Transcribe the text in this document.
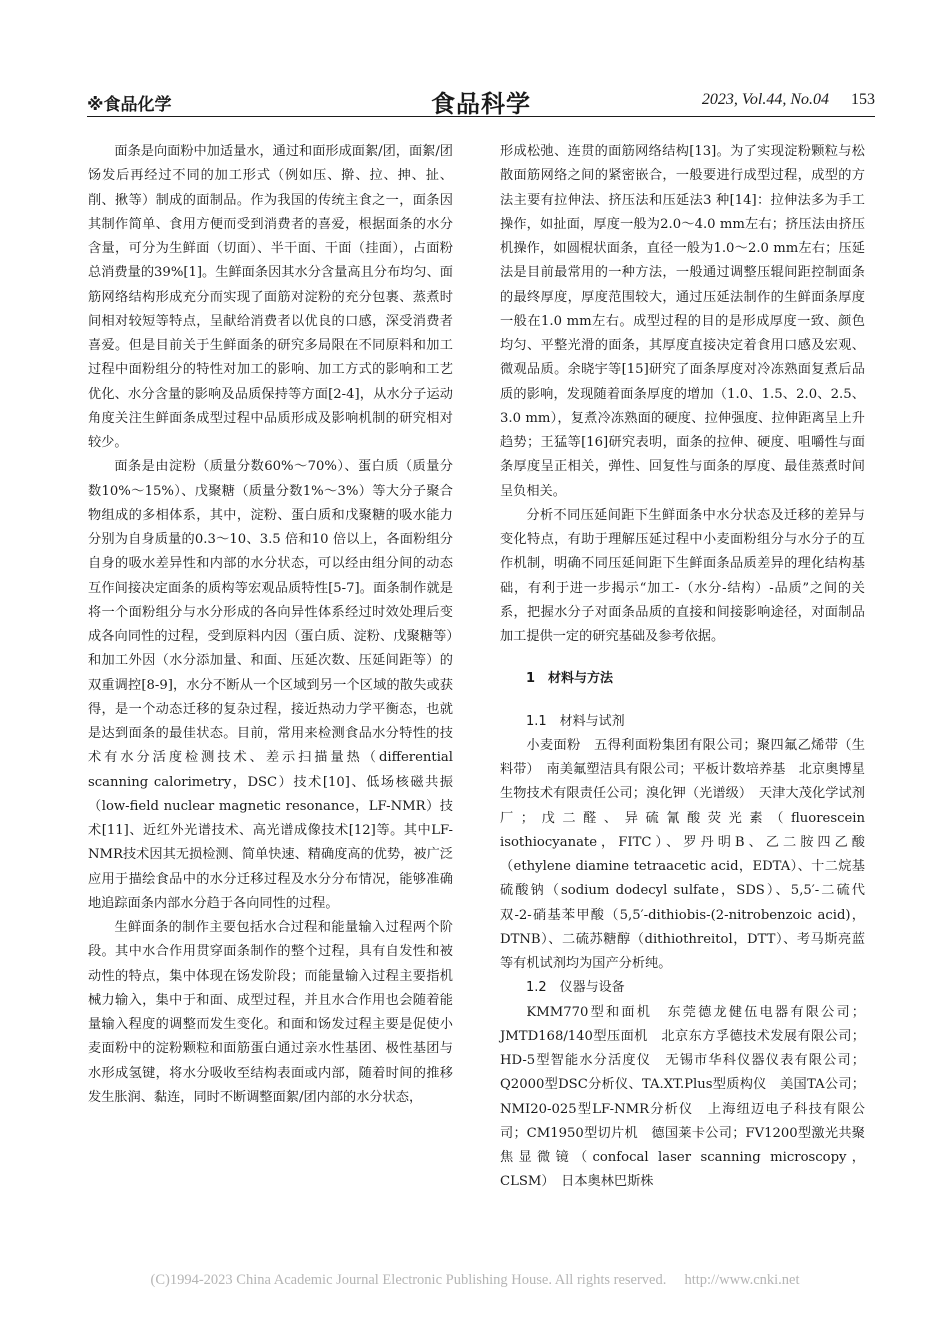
※食品化学	食品科学	2023, Vol.44, No.04 153

面条是向面粉中加适量水，通过和面形成面絮/团，面絮/团饧发后再经过不同的加工形式（例如压、擀、拉、抻、扯、削、揪等）制成的面制品。作为我国的传统主食之一，面条因其制作简单、食用方便而受到消费者的喜爱，根据面条的水分含量，可分为生鲜面（切面）、半干面、干面（挂面），占面粉总消费量的39%[1]。生鲜面条因其水分含量高且分布均匀、面筋网络结构形成充分而实现了面筋对淀粉的充分包裹、蒸煮时间相对较短等特点，呈献给消费者以优良的口感，深受消费者喜爱。但是目前关于生鲜面条的研究多局限在不同原料和加工过程中面粉组分的特性对加工的影响、加工方式的影响和工艺优化、水分含量的影响及品质保持等方面[2-4]，从水分子运动角度关注生鲜面条成型过程中品质形成及影响机制的研究相对较少。

面条是由淀粉（质量分数60%～70%）、蛋白质（质量分数10%～15%）、戊聚糖（质量分数1%～3%）等大分子聚合物组成的多相体系，其中，淀粉、蛋白质和戊聚糖的吸水能力分别为自身质量的0.3～10、3.5 倍和10 倍以上，各面粉组分自身的吸水差异性和内部的水分状态，可以经由组分间的动态互作间接决定面条的质构等宏观品质特性[5-7]。面条制作就是将一个面粉组分与水分形成的各向异性体系经过时效处理后变成各向同性的过程，受到原料内因（蛋白质、淀粉、戊聚糖等）和加工外因（水分添加量、和面、压延次数、压延间距等）的双重调控[8-9]，水分不断从一个区域到另一个区域的散失或获得，是一个动态迁移的复杂过程，接近热动力学平衡态，也就是达到面条的最佳状态。目前，常用来检测食品水分特性的技术有水分活度检测技术、差示扫描量热（differential scanning calorimetry，DSC）技术[10]、低场核磁共振（low-field nuclear magnetic resonance，LF-NMR）技术[11]、近红外光谱技术、高光谱成像技术[12]等。其中LF-NMR技术因其无损检测、简单快速、精确度高的优势，被广泛应用于描绘食品中的水分迁移过程及水分分布情况，能够准确地追踪面条内部水分趋于各向同性的过程。

生鲜面条的制作主要包括水合过程和能量输入过程两个阶段。其中水合作用贯穿面条制作的整个过程，具有自发性和被动性的特点，集中体现在饧发阶段；而能量输入过程主要指机械力输入，集中于和面、成型过程，并且水合作用也会随着能量输入程度的调整而发生变化。和面和饧发过程主要是促使小麦面粉中的淀粉颗粒和面筋蛋白通过亲水性基团、极性基团与水形成氢键，将水分吸收至结构表面或内部，随着时间的推移发生胀润、黏连，同时不断调整面絮/团内部的水分状态，

形成松弛、连贯的面筋网络结构[13]。为了实现淀粉颗粒与松散面筋网络之间的紧密嵌合，一般要进行成型过程，成型的方法主要有拉伸法、挤压法和压延法3 种[14]：拉伸法多为手工操作，如扯面，厚度一般为2.0～4.0 mm左右；挤压法由挤压机操作，如圆棍状面条，直径一般为1.0～2.0 mm左右；压延法是目前最常用的一种方法，一般通过调整压辊间距控制面条的最终厚度，厚度范围较大，通过压延法制作的生鲜面条厚度一般在1.0 mm左右。成型过程的目的是形成厚度一致、颜色均匀、平整光滑的面条，其厚度直接决定着食用口感及宏观、微观品质。余晓宇等[15]研究了面条厚度对冷冻熟面复煮后品质的影响，发现随着面条厚度的增加（1.0、1.5、2.0、2.5、3.0 mm），复煮冷冻熟面的硬度、拉伸强度、拉伸距离呈上升趋势；王猛等[16]研究表明，面条的拉伸、硬度、咀嚼性与面条厚度呈正相关，弹性、回复性与面条的厚度、最佳蒸煮时间呈负相关。

分析不同压延间距下生鲜面条中水分状态及迁移的差异与变化特点，有助于理解压延过程中小麦面粉组分与水分子的互作机制，明确不同压延间距下生鲜面条品质差异的理化结构基础，有利于进一步揭示“加工-（水分-结构）-品质”之间的关系，把握水分子对面条品质的直接和间接影响途径，对面制品加工提供一定的研究基础及参考依据。

1　材料与方法

1.1　材料与试剂

小麦面粉　五得利面粉集团有限公司；聚四氟乙烯带（生料带）　南美氟塑洁具有限公司；平板计数培养基　北京奥博星生物技术有限责任公司；溴化钾（光谱级）　天津大茂化学试剂厂；戊二醛、异硫氰酸荧光素（fluorescein isothiocyanate，FITC）、罗丹明B、乙二胺四乙酸（ethylene diamine tetraacetic acid，EDTA）、十二烷基硫酸钠（sodium dodecyl sulfate，SDS）、5,5′-二硫代双-2-硝基苯甲酸（5,5′-dithiobis-(2-nitrobenzoic acid)，DTNB）、二硫苏糖醇（dithiothreitol，DTT）、考马斯亮蓝等有机试剂均为国产分析纯。

1.2　仪器与设备

KMM770型和面机　东莞德龙健伍电器有限公司；JMTD168/140型压面机　北京东方孚德技术发展有限公司；HD-5型智能水分活度仪　无锡市华科仪器仪表有限公司；Q2000型DSC分析仪、TA.XT.Plus型质构仪　美国TA公司；NMI20-025型LF-NMR分析仪　上海纽迈电子科技有限公司；CM1950型切片机　德国莱卡公司；FV1200型激光共聚焦显微镜（confocal laser scanning microscopy，CLSM）　日本奥林巴斯株

(C)1994-2023 China Academic Journal Electronic Publishing House. All rights reserved.　 http://www.cnki.net
